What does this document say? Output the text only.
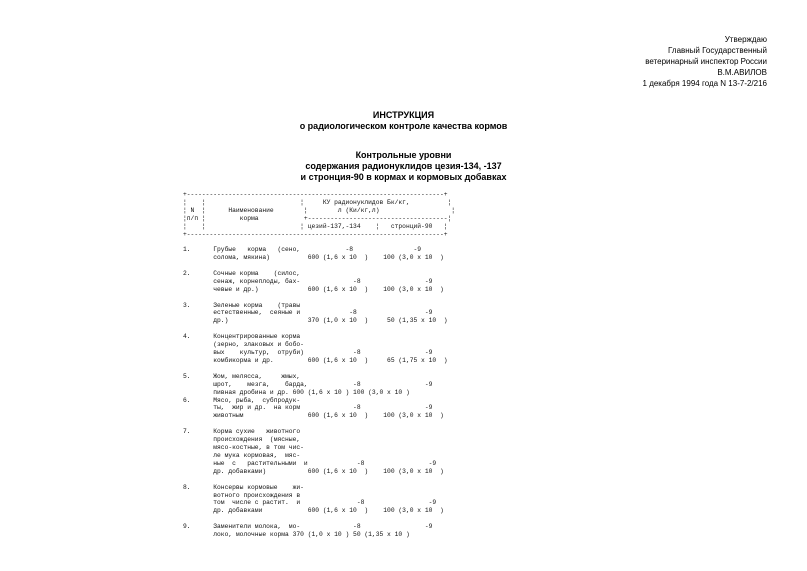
Утверждаю
Главный Государственный
ветеринарный инспектор России
В.М.АВИЛОВ
1 декабря 1994 года N 13-7-2/216
ИНСТРУКЦИЯ
о радиологическом контроле качества кормов
Контрольные уровни
содержания радионуклидов цезия-134, -137
и стронция-90 в кормах и кормовых добавках
+--------------------------------------------------------------------+
¦    ¦                         ¦     КУ радионуклидов Бк/кг,          ¦
¦ N  ¦      Наименование        ¦        л (Ки/кг,л)                   ¦
¦п/п ¦         корма            +-------------------------------------¦
¦    ¦                         ¦ цезий-137,-134    ¦   стронций-90   ¦
+--------------------------------------------------------------------+
1.      Грубые   корма   (сено,            -8                -9
солома, мякина)          600 (1,6 х 10  )    100 (3,0 х 10  )
2.      Сочные корма    (силос,
сенаж, корнеплоды, бах-              -8                 -9
чевые и др.)             600 (1,6 х 10  )    100 (3,0 х 10  )
3.      Зеленые корма    (травы
естественные,  сеяные и             -8                  -9
др.)                     370 (1,0 х 10  )     50 (1,35 х 10  )
4.      Концентрированные корма
(зерно, злаковых и бобо-
вых    культур,  отруби)             -8                 -9
комбикорма и др.         600 (1,6 х 10  )     65 (1,75 х 10  )
5.      Жом, мелясса,     жмых,
шрот,    мезга,    барда,            -8                 -9
пивная дробина и др. 600 (1,6 х 10 ) 100 (3,0 х 10 )
6.      Мясо, рыба,  субпродук-
ты,  жир и др.  на корм              -8                 -9
животным                 600 (1,6 х 10  )    100 (3,0 х 10  )
7.      Корма сухие   животного
происхождения  (мясные,
мясо-костные, в том чис-
ле мука кормовая,  мяс-
ные  с   растительными  и             -8                 -9
др. добавками)           600 (1,6 х 10  )    100 (3,0 х 10  )
8.      Консервы кормовые    жи-
вотного происхождения в
том  числе с растит.  и               -8                 -9
др. добавками            600 (1,6 х 10  )    100 (3,0 х 10  )
9.      Заменители молока,  мо-              -8                 -9
локо, молочные корма 370 (1,0 х 10 ) 50 (1,35 х 10 )
